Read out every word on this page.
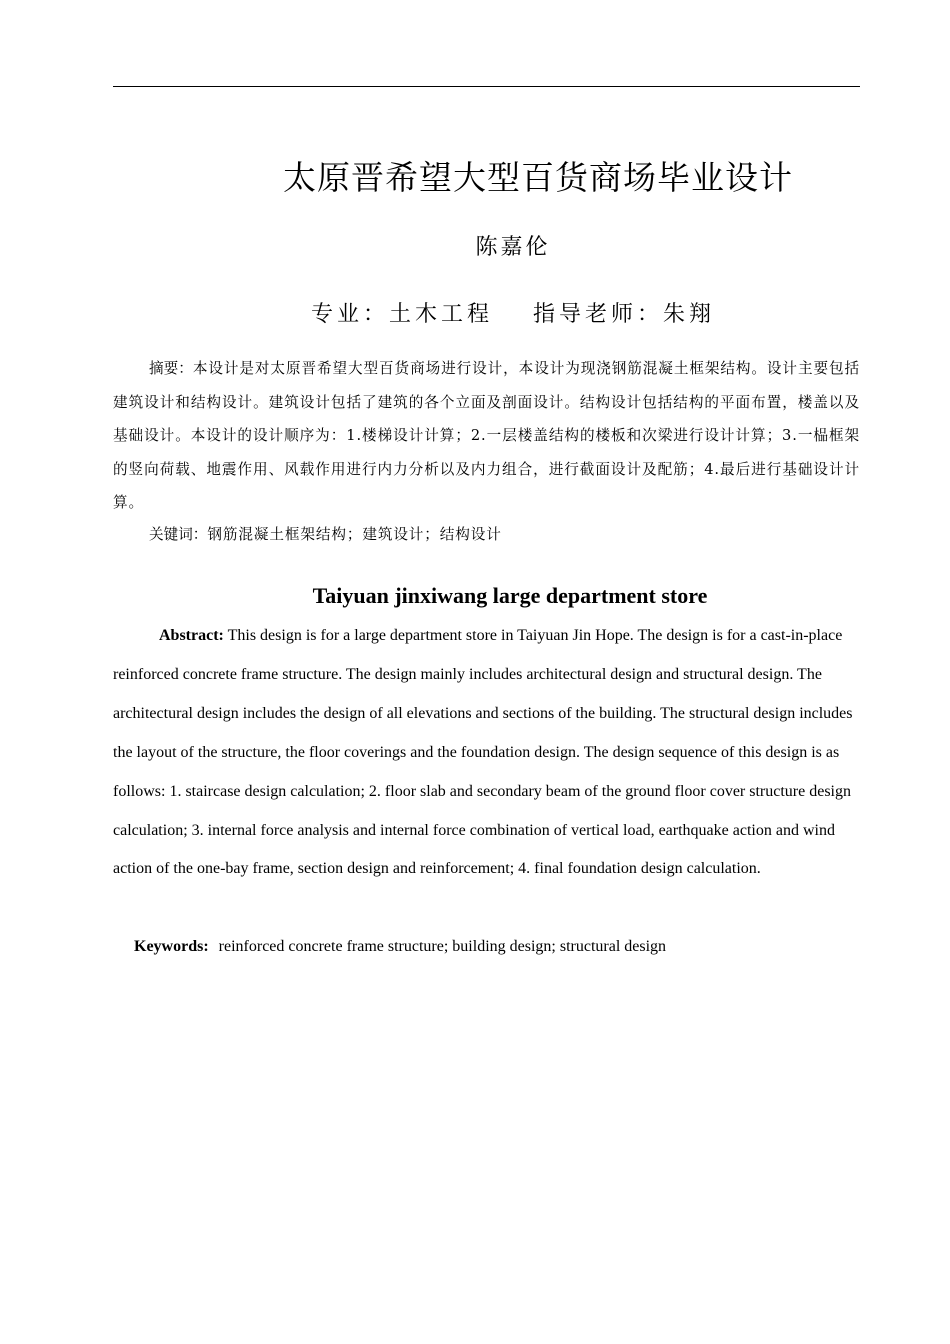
太原晋希望大型百货商场毕业设计
陈嘉伦
专业：土木工程 指导老师：朱翔

摘要：本设计是对太原晋希望大型百货商场进行设计，本设计为现浇钢筋混凝土框架结构。设计主要包括建筑设计和结构设计。建筑设计包括了建筑的各个立面及剖面设计。结构设计包括结构的平面布置，楼盖以及基础设计。本设计的设计顺序为：1.楼梯设计计算；2.一层楼盖结构的楼板和次梁进行设计计算；3.一榀框架的竖向荷载、地震作用、风载作用进行内力分析以及内力组合，进行截面设计及配筋；4.最后进行基础设计计算。

关键词：钢筋混凝土框架结构；建筑设计；结构设计

Taiyuan jinxiwang large department store

Abstract: This design is for a large department store in Taiyuan Jin Hope. The design is for a cast-in-place reinforced concrete frame structure. The design mainly includes architectural design and structural design. The architectural design includes the design of all elevations and sections of the building. The structural design includes the layout of the structure, the floor coverings and the foundation design. The design sequence of this design is as follows: 1. staircase design calculation; 2. floor slab and secondary beam of the ground floor cover structure design calculation; 3. internal force analysis and internal force combination of vertical load, earthquake action and wind action of the one-bay frame, section design and reinforcement; 4. final foundation design calculation.

Keywords: reinforced concrete frame structure; building design; structural design
